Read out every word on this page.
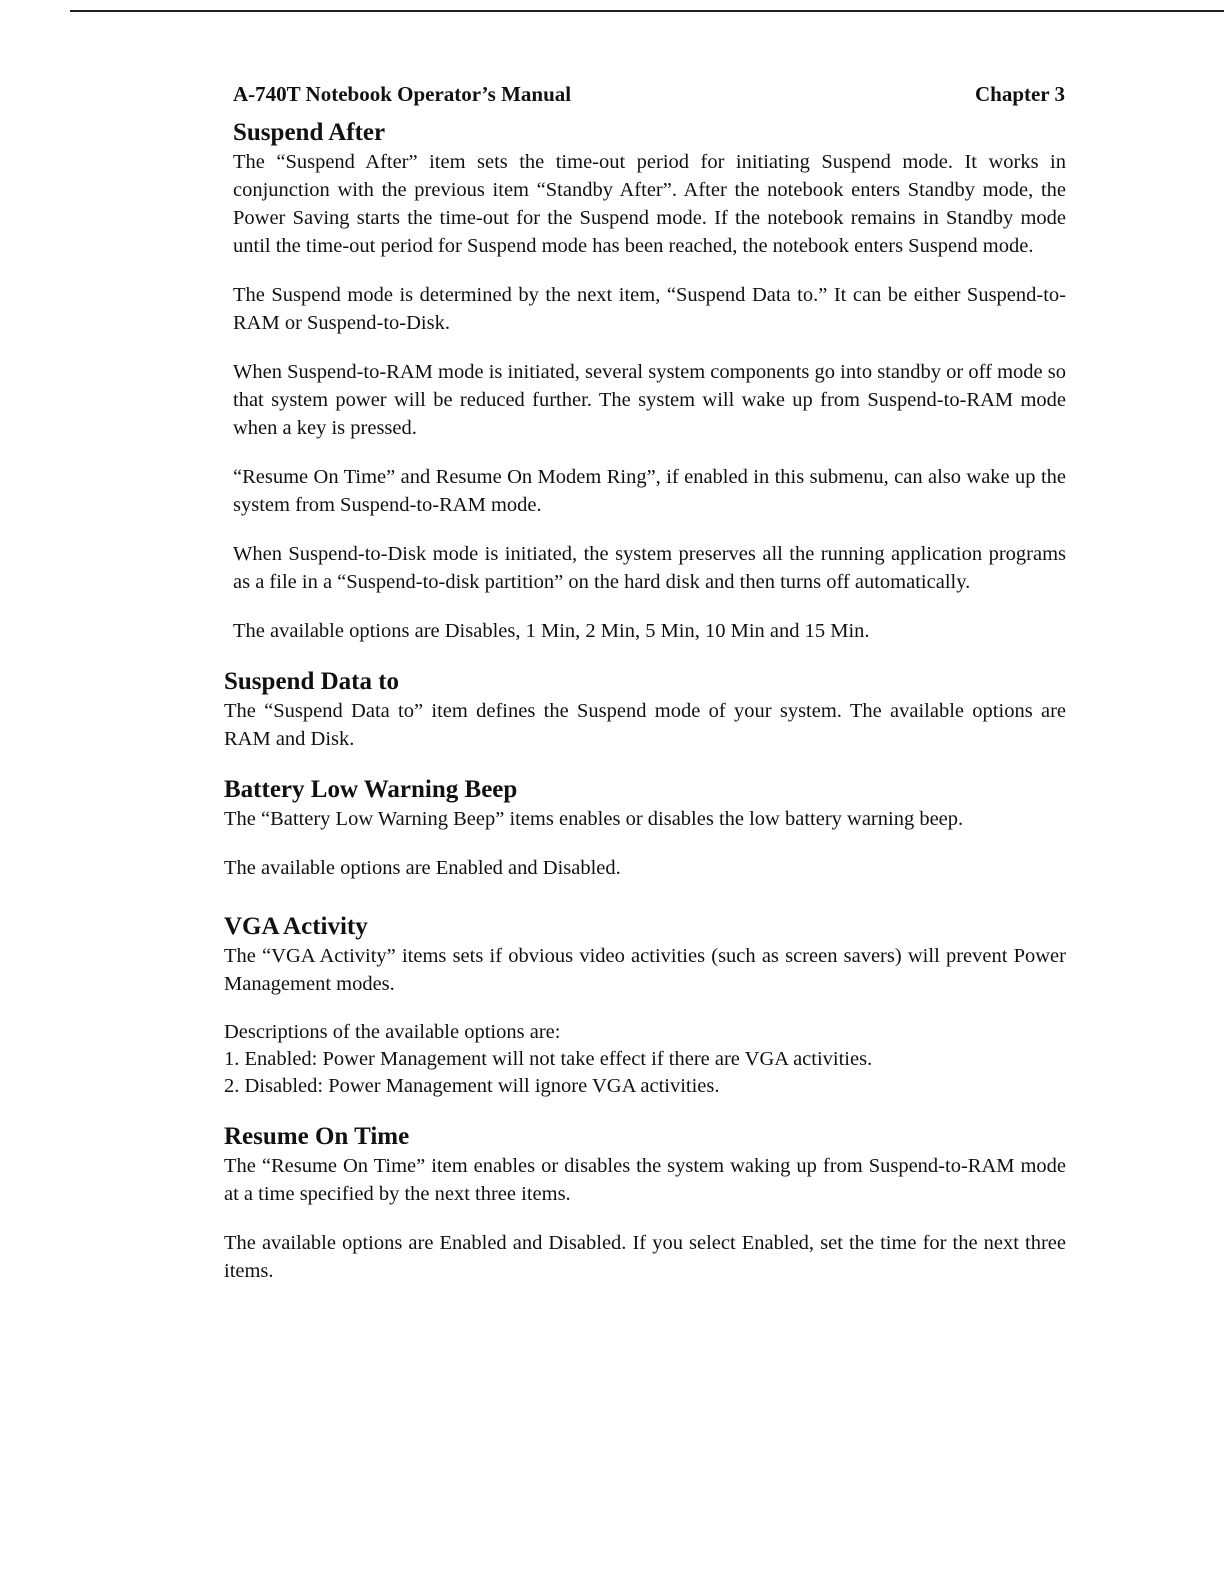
A-740T Notebook Operator’s Manual	Chapter 3
Suspend After

The “Suspend After” item sets the time-out period for initiating Suspend mode. It works in conjunction with the previous item “Standby After”. After the notebook enters Standby mode, the Power Saving starts the time-out for the Suspend mode. If the notebook remains in Standby mode until the time-out period for Suspend mode has been reached, the notebook enters Suspend mode.

The Suspend mode is determined by the next item, “Suspend Data to.” It can be either Suspend-to-RAM or Suspend-to-Disk.

When Suspend-to-RAM mode is initiated, several system components go into standby or off mode so that system power will be reduced further. The system will wake up from Suspend-to-RAM mode when a key is pressed.

“Resume On Time” and Resume On Modem Ring”, if enabled in this submenu, can also wake up the system from Suspend-to-RAM mode.

When Suspend-to-Disk mode is initiated, the system preserves all the running application programs as a file in a “Suspend-to-disk partition” on the hard disk and then turns off automatically.

The available options are Disables, 1 Min, 2 Min, 5 Min, 10 Min and 15 Min.

Suspend Data to

The “Suspend Data to” item defines the Suspend mode of your system. The available options are RAM and Disk.

Battery Low Warning Beep

The “Battery Low Warning Beep” items enables or disables the low battery warning beep.

The available options are Enabled and Disabled.

VGA Activity

The “VGA Activity” items sets if obvious video activities (such as screen savers) will prevent Power Management modes.

Descriptions of the available options are:

1. Enabled: Power Management will not take effect if there are VGA activities.

2. Disabled: Power Management will ignore VGA activities.

Resume On Time

The “Resume On Time” item enables or disables the system waking up from Suspend-to-RAM mode at a time specified by the next three items.

The available options are Enabled and Disabled. If you select Enabled, set the time for the next three items.
